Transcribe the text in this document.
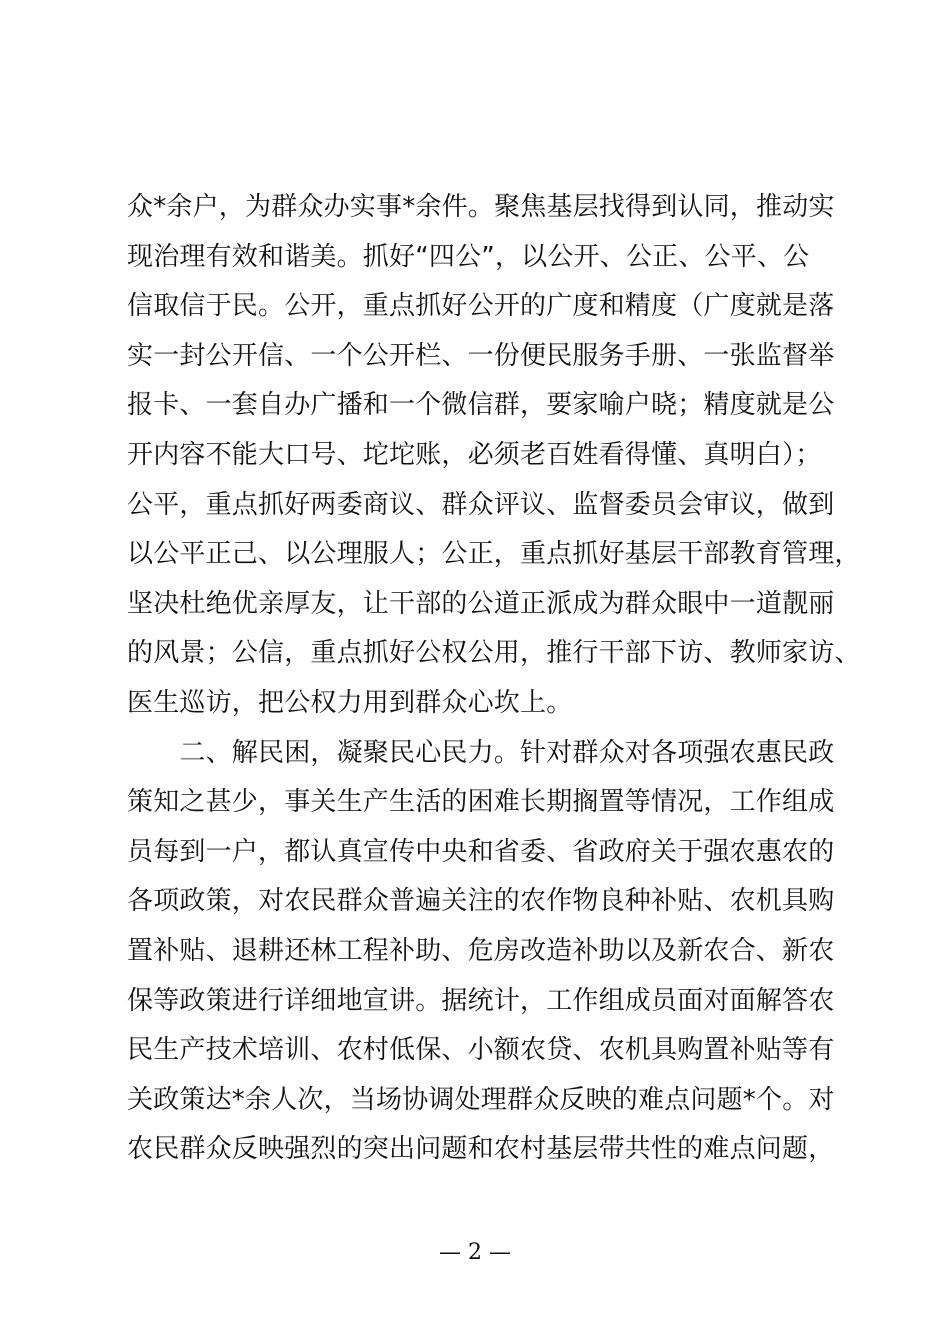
众*余户，为群众办实事*余件。聚焦基层找得到认同，推动实
现治理有效和谐美。抓好“四公”，以公开、公正、公平、公
信取信于民。公开，重点抓好公开的广度和精度（广度就是落
实一封公开信、一个公开栏、一份便民服务手册、一张监督举
报卡、一套自办广播和一个微信群，要家喻户晓；精度就是公
开内容不能大口号、坨坨账，必须老百姓看得懂、真明白）；
公平，重点抓好两委商议、群众评议、监督委员会审议，做到
以公平正己、以公理服人；公正，重点抓好基层干部教育管理，
坚决杜绝优亲厚友，让干部的公道正派成为群众眼中一道靓丽
的风景；公信，重点抓好公权公用，推行干部下访、教师家访、
医生巡访，把公权力用到群众心坎上。
　　二、解民困，凝聚民心民力。针对群众对各项强农惠民政
策知之甚少，事关生产生活的困难长期搁置等情况，工作组成
员每到一户，都认真宣传中央和省委、省政府关于强农惠农的
各项政策，对农民群众普遍关注的农作物良种补贴、农机具购
置补贴、退耕还林工程补助、危房改造补助以及新农合、新农
保等政策进行详细地宣讲。据统计，工作组成员面对面解答农
民生产技术培训、农村低保、小额农贷、农机具购置补贴等有
关政策达*余人次，当场协调处理群众反映的难点问题*个。对
农民群众反映强烈的突出问题和农村基层带共性的难点问题，
— 2 —
